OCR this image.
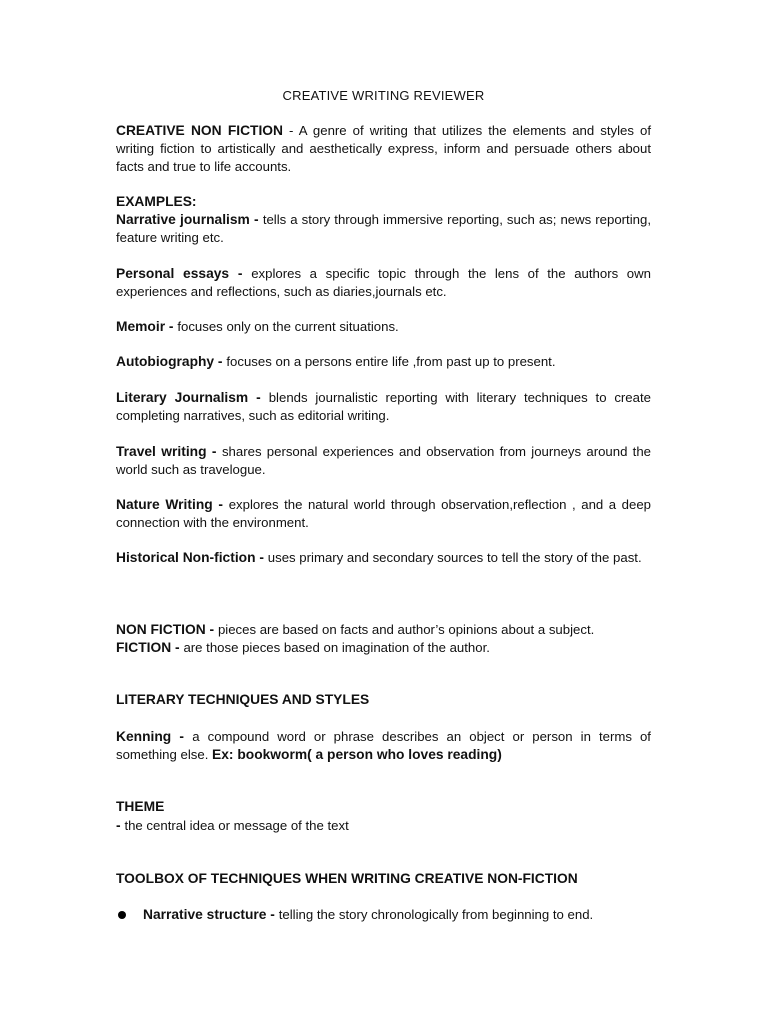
CREATIVE WRITING REVIEWER
CREATIVE NON FICTION - A genre of writing that utilizes the elements and styles of writing fiction to artistically and aesthetically express, inform and persuade others about facts and true to life accounts.
EXAMPLES:
Narrative journalism - tells a story through immersive reporting, such as; news reporting, feature writing etc.
Personal essays - explores a specific topic through the lens of the authors own experiences and reflections, such as diaries,journals etc.
Memoir - focuses only on the current situations.
Autobiography - focuses on a persons entire life ,from past up to present.
Literary Journalism - blends journalistic reporting with literary techniques to create completing narratives, such as editorial writing.
Travel writing - shares personal experiences and observation from journeys around the world such as travelogue.
Nature Writing - explores the natural world through observation,reflection , and a deep connection with the environment.
Historical Non-fiction - uses primary and secondary sources to tell the story of the past.
NON FICTION - pieces are based on facts and author’s opinions about a subject.
FICTION - are those pieces based on imagination of the author.
LITERARY TECHNIQUES AND STYLES
Kenning - a compound word or phrase describes an object or person in terms of something else. Ex: bookworm( a person who loves reading)
THEME
- the central idea or message of the text
TOOLBOX OF TECHNIQUES WHEN WRITING CREATIVE NON-FICTION
Narrative structure - telling the story chronologically from beginning to end.
